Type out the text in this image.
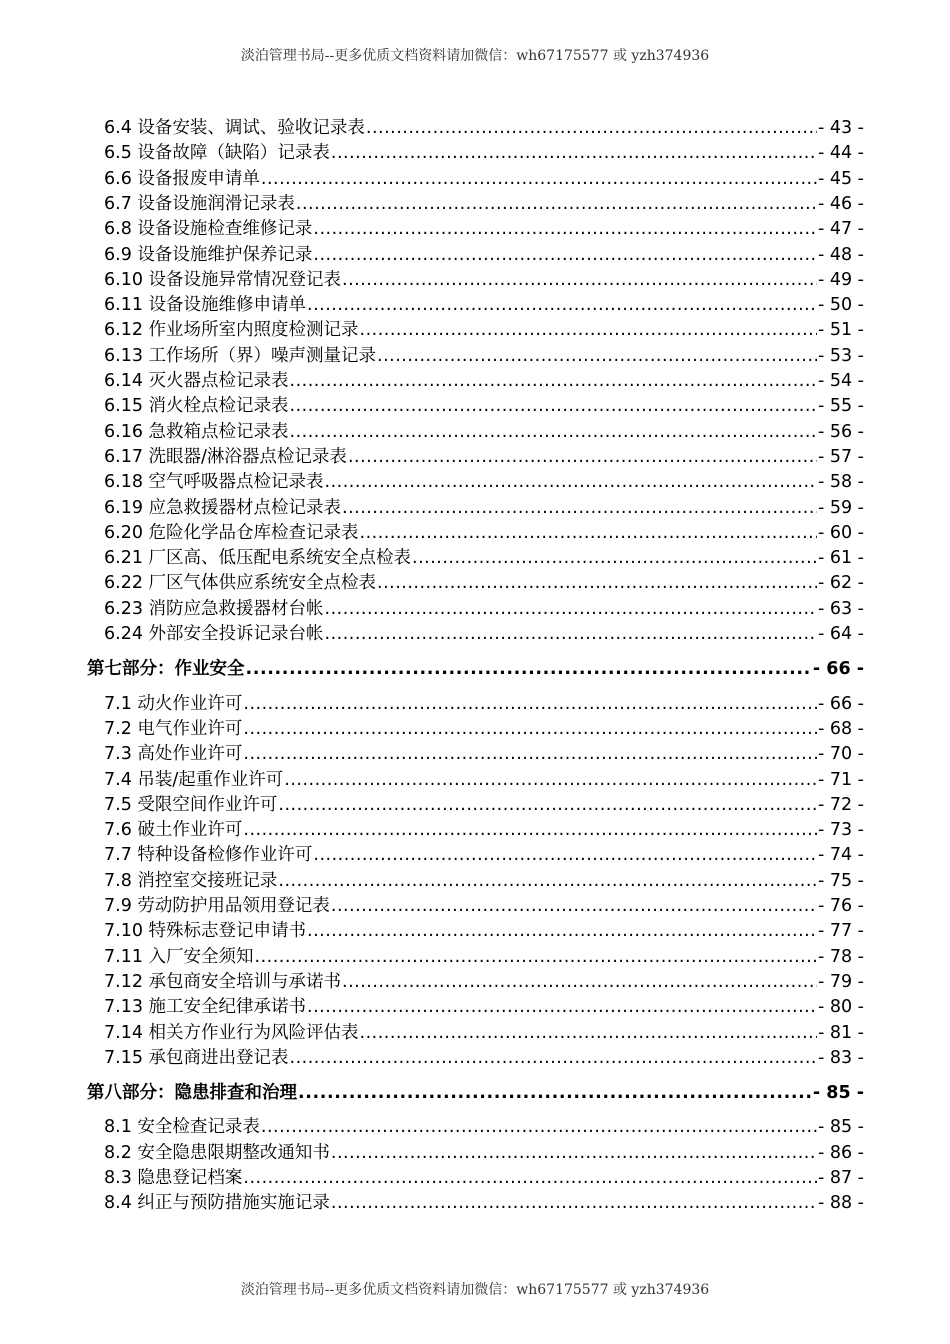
淡泊管理书局--更多优质文档资料请加微信：wh67175577 或 yzh374936
6.4 设备安装、调试、验收记录表 .....	- 43 -
6.5 设备故障（缺陷）记录表 .....	- 44 -
6.6 设备报废申请单 .....	- 45 -
6.7 设备设施润滑记录表 .....	- 46 -
6.8 设备设施检查维修记录 .....	- 47 -
6.9 设备设施维护保养记录 .....	- 48 -
6.10 设备设施异常情况登记表 .....	- 49 -
6.11 设备设施维修申请单 .....	- 50 -
6.12 作业场所室内照度检测记录 .....	- 51 -
6.13 工作场所（界）噪声测量记录 .....	- 53 -
6.14 灭火器点检记录表 .....	- 54 -
6.15 消火栓点检记录表 .....	- 55 -
6.16 急救箱点检记录表 .....	- 56 -
6.17 洗眼器/淋浴器点检记录表 .....	- 57 -
6.18 空气呼吸器点检记录表 .....	- 58 -
6.19 应急救援器材点检记录表 .....	- 59 -
6.20 危险化学品仓库检查记录表 .....	- 60 -
6.21 厂区高、低压配电系统安全点检表 .....	- 61 -
6.22 厂区气体供应系统安全点检表 .....	- 62 -
6.23 消防应急救援器材台帐 .....	- 63 -
6.24 外部安全投诉记录台帐 .....	- 64 -
第七部分：作业安全 .....	- 66 -
7.1 动火作业许可 .....	- 66 -
7.2 电气作业许可 .....	- 68 -
7.3 高处作业许可 .....	- 70 -
7.4 吊装/起重作业许可 .....	- 71 -
7.5 受限空间作业许可 .....	- 72 -
7.6 破土作业许可 .....	- 73 -
7.7 特种设备检修作业许可 .....	- 74 -
7.8 消控室交接班记录 .....	- 75 -
7.9 劳动防护用品领用登记表 .....	- 76 -
7.10 特殊标志登记申请书 .....	- 77 -
7.11 入厂安全须知 .....	- 78 -
7.12 承包商安全培训与承诺书 .....	- 79 -
7.13 施工安全纪律承诺书 .....	- 80 -
7.14 相关方作业行为风险评估表 .....	- 81 -
7.15 承包商进出登记表 .....	- 83 -
第八部分：隐患排查和治理 .....	- 85 -
8.1 安全检查记录表 .....	- 85 -
8.2 安全隐患限期整改通知书 .....	- 86 -
8.3 隐患登记档案 .....	- 87 -
8.4 纠正与预防措施实施记录 .....	- 88 -
淡泊管理书局--更多优质文档资料请加微信：wh67175577 或 yzh374936
